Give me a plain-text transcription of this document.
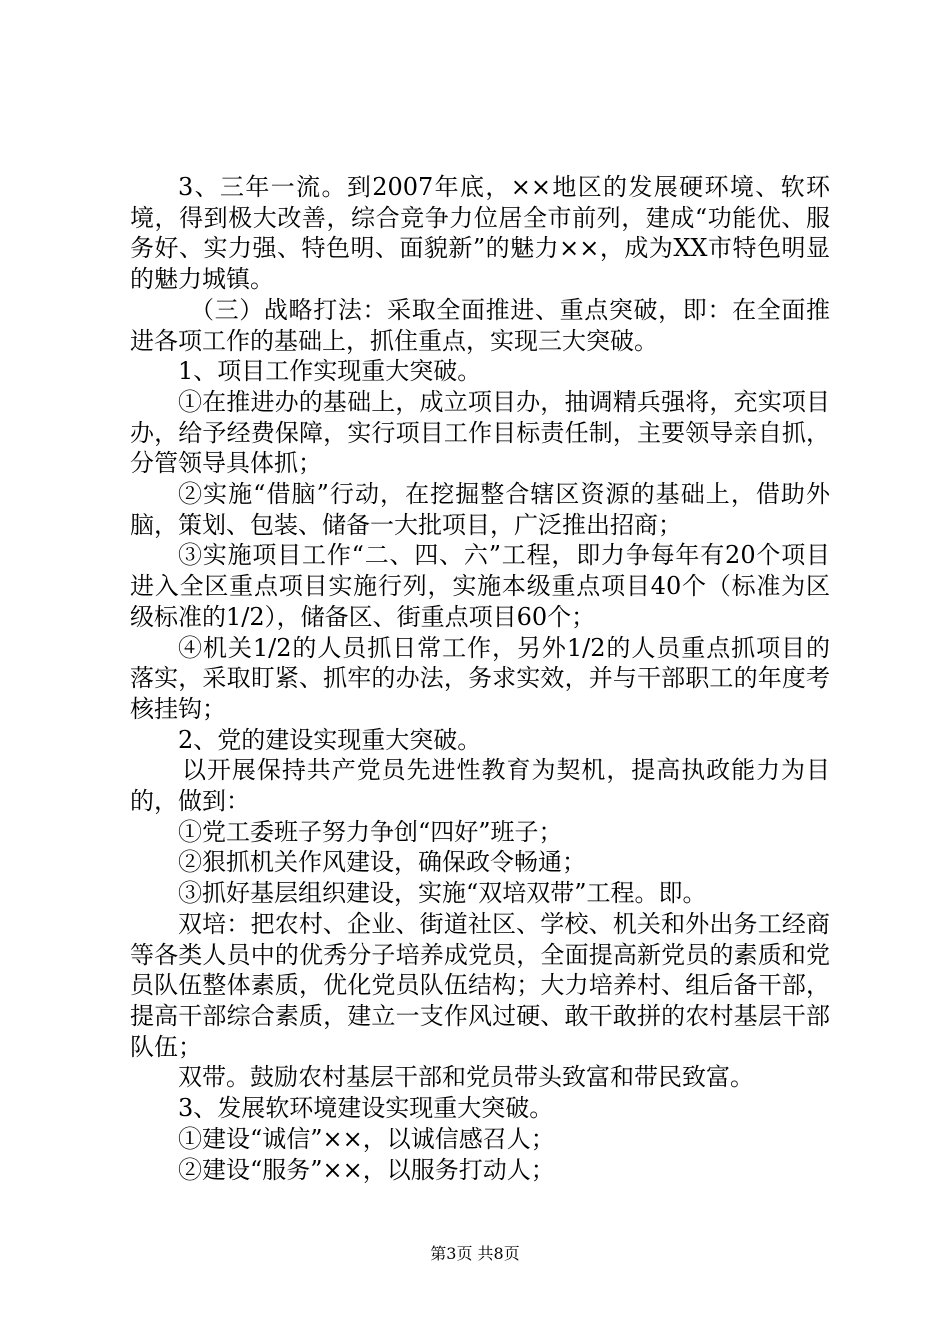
3、三年一流。到2007年底，××地区的发展硬环境、软环境，得到极大改善，综合竞争力位居全市前列，建成“功能优、服务好、实力强、特色明、面貌新”的魅力××，成为XX市特色明显的魅力城镇。

（三）战略打法：采取全面推进、重点突破，即：在全面推进各项工作的基础上，抓住重点，实现三大突破。

1、项目工作实现重大突破。

①在推进办的基础上，成立项目办，抽调精兵强将，充实项目办，给予经费保障，实行项目工作目标责任制，主要领导亲自抓，分管领导具体抓；

②实施“借脑”行动，在挖掘整合辖区资源的基础上，借助外脑，策划、包装、储备一大批项目，广泛推出招商；

③实施项目工作“二、四、六”工程，即力争每年有20个项目进入全区重点项目实施行列，实施本级重点项目40个（标准为区级标准的1/2），储备区、街重点项目60个；

④机关1/2的人员抓日常工作，另外1/2的人员重点抓项目的落实，采取盯紧、抓牢的办法，务求实效，并与干部职工的年度考核挂钩；

2、党的建设实现重大突破。

以开展保持共产党员先进性教育为契机，提高执政能力为目的，做到：

①党工委班子努力争创“四好”班子；

②狠抓机关作风建设，确保政令畅通；

③抓好基层组织建设，实施“双培双带”工程。即。

双培：把农村、企业、街道社区、学校、机关和外出务工经商等各类人员中的优秀分子培养成党员，全面提高新党员的素质和党员队伍整体素质，优化党员队伍结构；大力培养村、组后备干部，提高干部综合素质，建立一支作风过硬、敢干敢拼的农村基层干部队伍；

双带。鼓励农村基层干部和党员带头致富和带民致富。

3、发展软环境建设实现重大突破。

①建设“诚信”××，以诚信感召人；

②建设“服务”××，以服务打动人；

第3页 共8页
